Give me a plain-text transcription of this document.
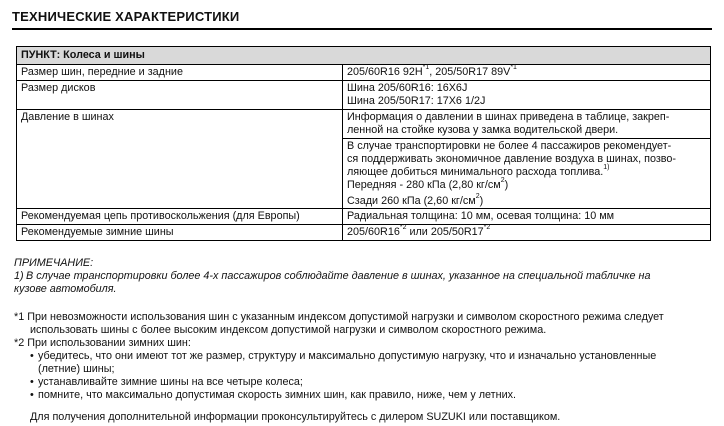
ТЕХНИЧЕСКИЕ ХАРАКТЕРИСТИКИ
ПУНКТ: Колеса и шины	
Размер шин, передние и задние	205/60R16 $92H^{*1}$, 205/50R17 $89V^{*1}$
Размер дисков	Шина 205/60R16: 16X6J
Шина 205/50R17: 17X6 1/2J

Давление в шинах	Информация о давлении в шинах приведена в таблице, закреп-
ленной на стойке кузова у замка водительской двери.

	В случае транспортировки не более 4 пассажиров рекомендует-
ся поддерживать экономичное давление воздуха в шинах, позво-
ляющее добиться минимального расхода топлива.$^{1)}$
Передняя - 280 кПа (2,80 $кг/см^2$)
Сзади 260 кПа (2,60 $кг/см^2$)

Рекомендуемая цепь противоскольжения (для Европы)	Радиальная толщина: 10 мм, осевая толщина: 10 мм
Рекомендуемые зимние шины	205/60R16$^{*2}$ или 205/50R17$^{*2}$

ПРИМЕЧАНИЕ:

1) В случае транспортировки более 4-х пассажиров соблюдайте давление в шинах, указанное на специальной табличке на

кузове автомобиля.

*1 При невозможности использования шин с указанным индексом допустимой нагрузки и символом скоростного режима следует

использовать шины с более высоким индексом допустимой нагрузки и символом скоростного режима.

*2 При использовании зимних шин:

• убедитесь, что они имеют тот же размер, структуру и максимально допустимую нагрузку, что и изначально установленные

(летние) шины;

• устанавливайте зимние шины на все четыре колеса;
• помните, что максимально допустимая скорость зимних шин, как правило, ниже, чем у летних.

Для получения дополнительной информации проконсультируйтесь с дилером SUZUKI или поставщиком.
